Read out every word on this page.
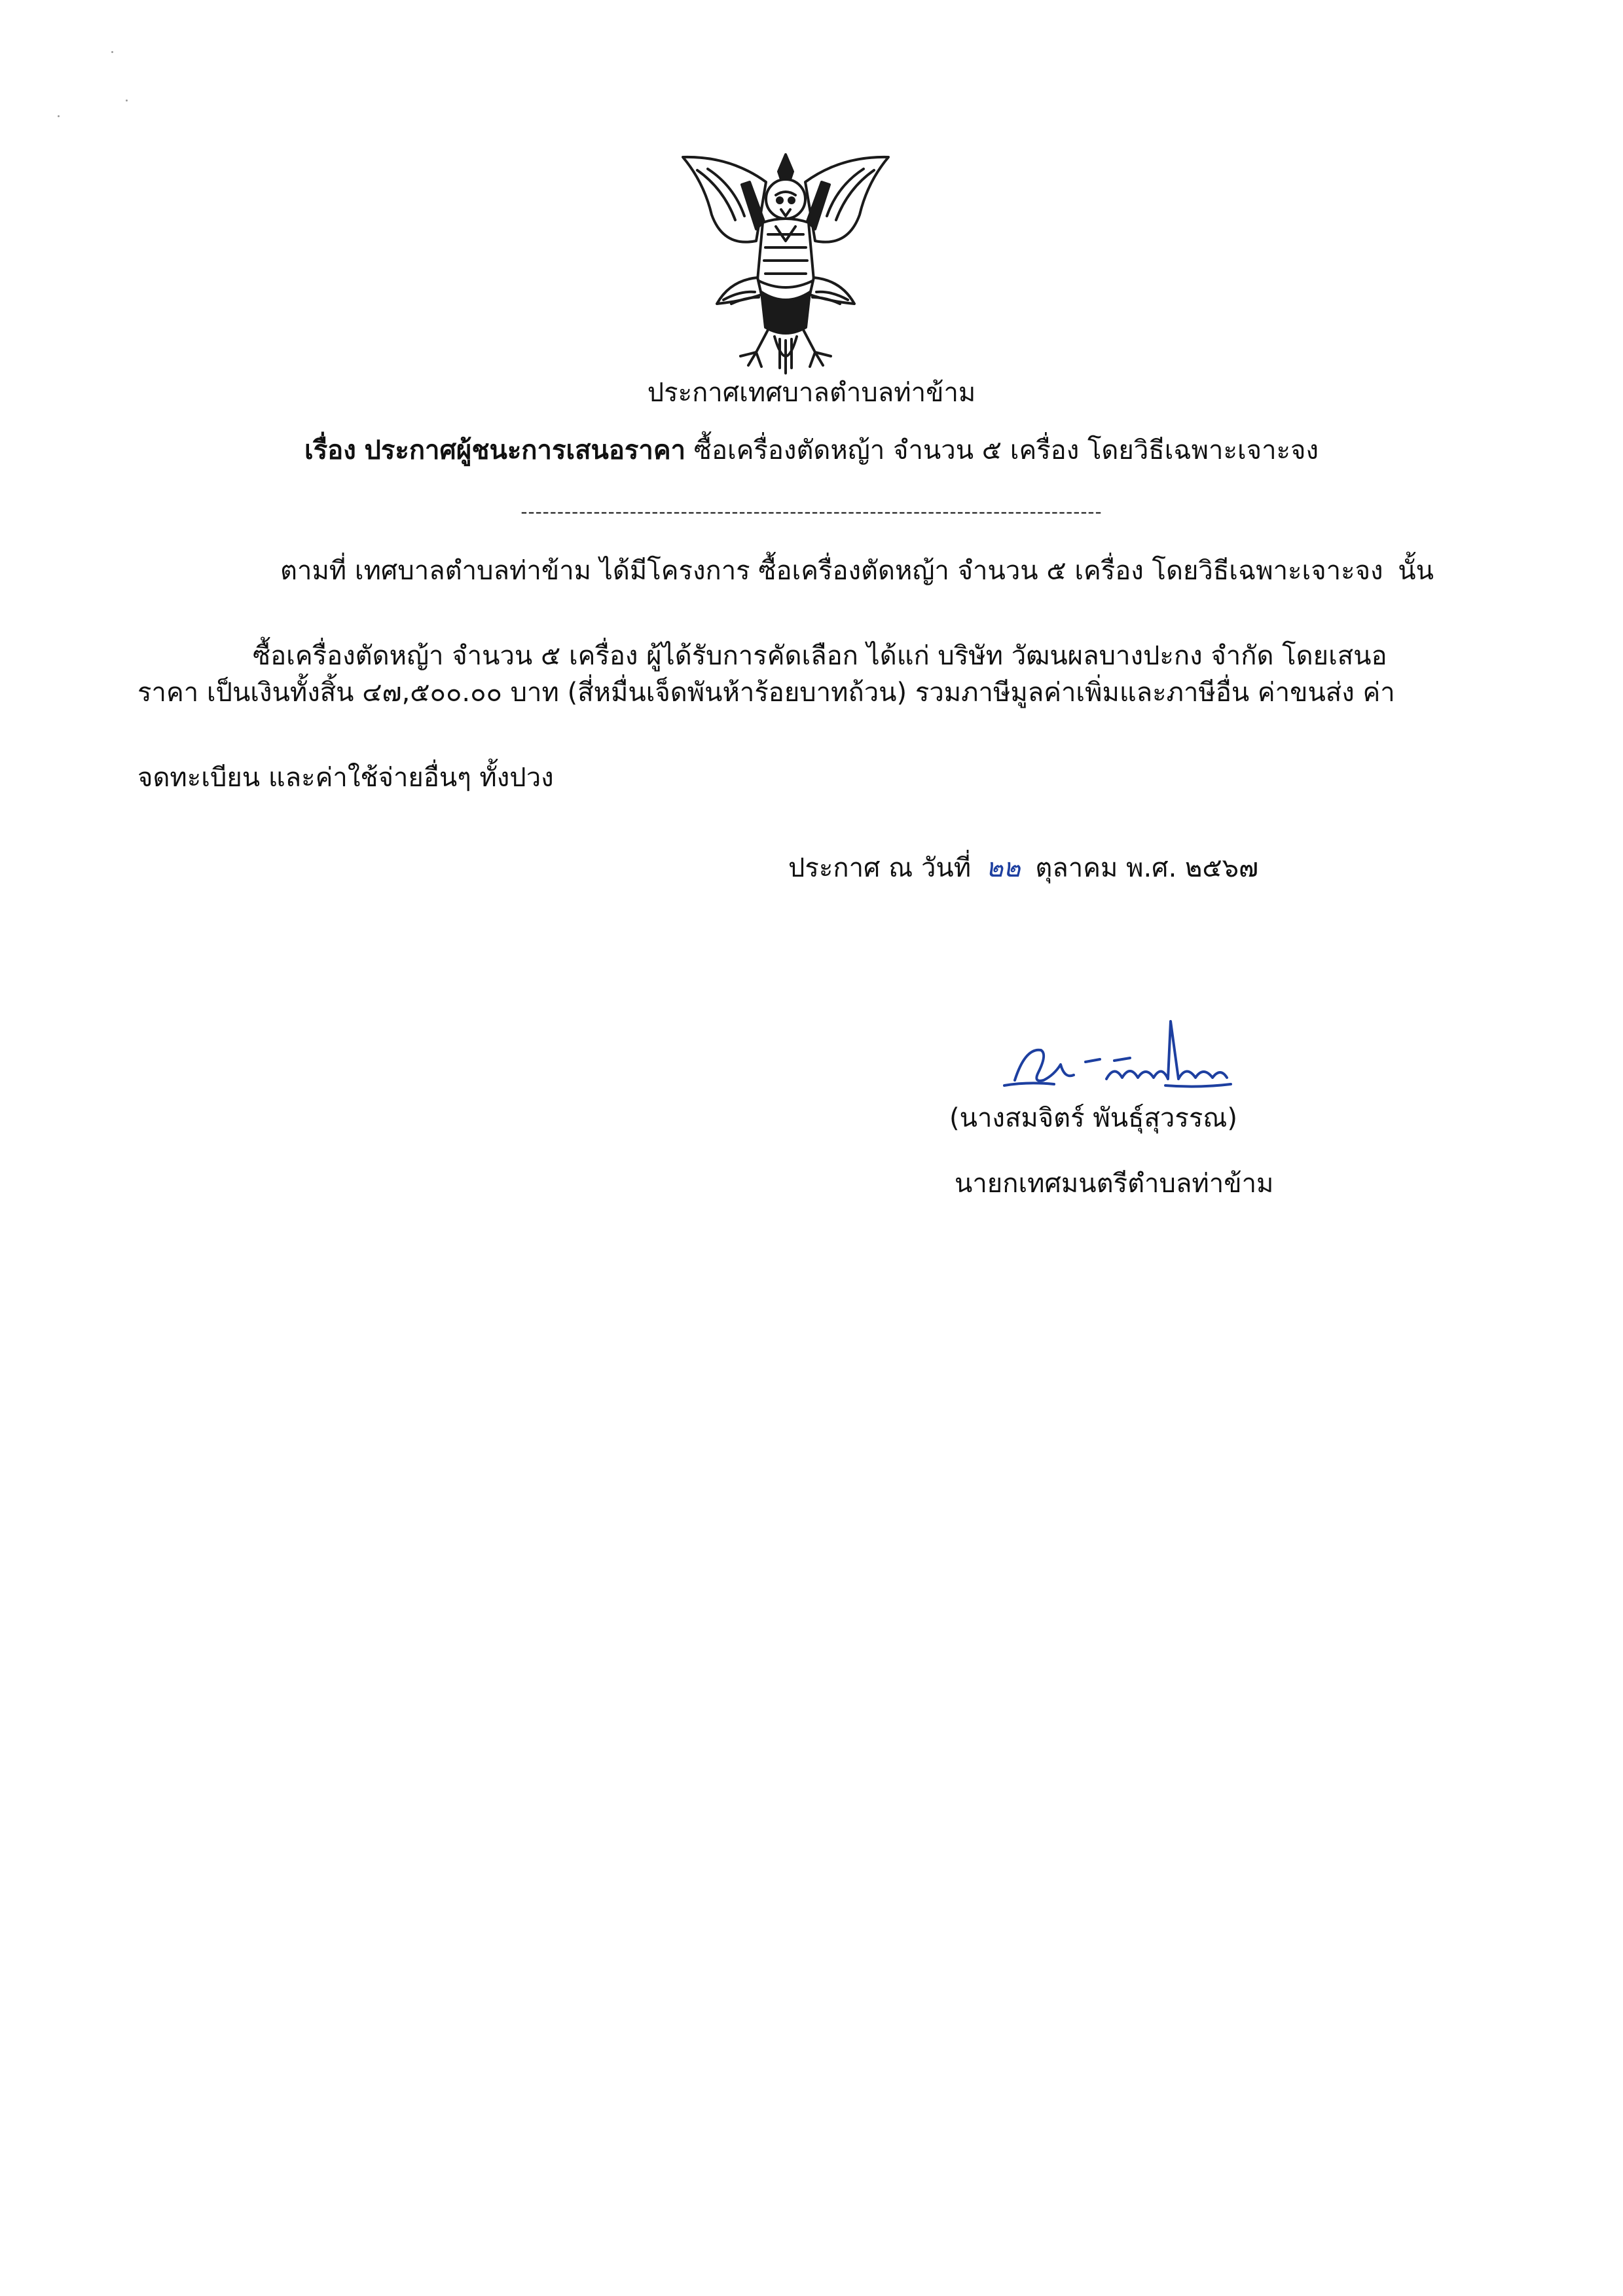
ประกาศเทศบาลตำบลท่าข้าม
เรื่อง ประกาศผู้ชนะการเสนอราคา ซื้อเครื่องตัดหญ้า จำนวน ๕ เครื่อง โดยวิธีเฉพาะเจาะจง
--------------------------------------------------------------------------------
ตามที่ เทศบาลตำบลท่าข้าม ได้มีโครงการ ซื้อเครื่องตัดหญ้า จำนวน ๕ เครื่อง โดยวิธีเฉพาะเจาะจง นั้น
ซื้อเครื่องตัดหญ้า จำนวน ๕ เครื่อง ผู้ได้รับการคัดเลือก ได้แก่ บริษัท วัฒนผลบางปะกง จำกัด โดยเสนอ
ราคา เป็นเงินทั้งสิ้น ๔๗,๕๐๐.๐๐ บาท (สี่หมื่นเจ็ดพันห้าร้อยบาทถ้วน) รวมภาษีมูลค่าเพิ่มและภาษีอื่น ค่าขนส่ง ค่า
จดทะเบียน และค่าใช้จ่ายอื่นๆ ทั้งปวง
ประกาศ ณ วันที่ ๒๒ ตุลาคม พ.ศ. ๒๕๖๗
(นางสมจิตร์ พันธุ์สุวรรณ)
นายกเทศมนตรีตำบลท่าข้าม
